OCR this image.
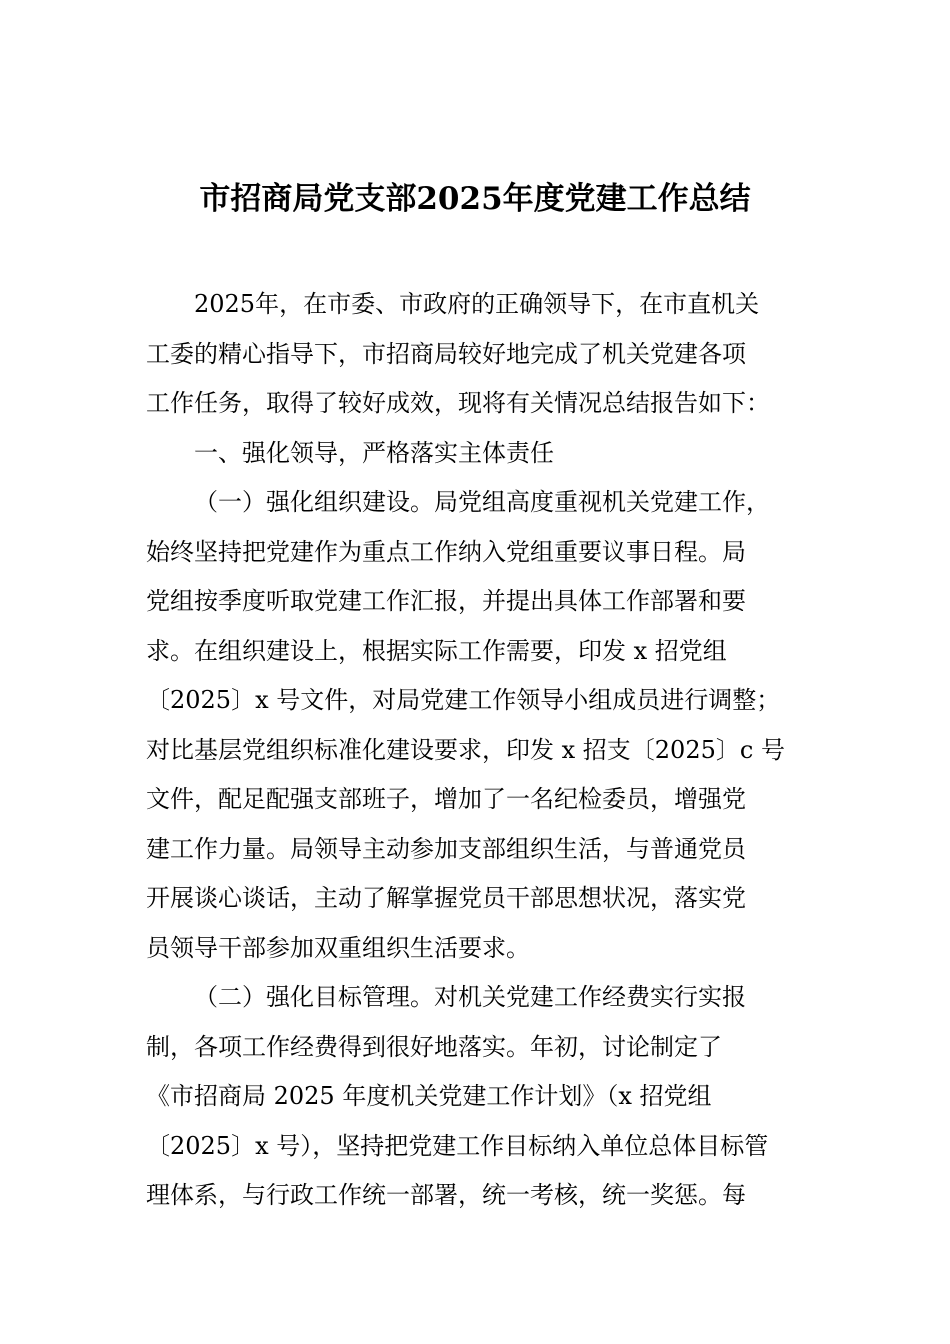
市招商局党支部2025年度党建工作总结
2025年，在市委、市政府的正确领导下，在市直机关
工委的精心指导下，市招商局较好地完成了机关党建各项
工作任务，取得了较好成效，现将有关情况总结报告如下：
一、强化领导，严格落实主体责任
（一）强化组织建设。局党组高度重视机关党建工作，
始终坚持把党建作为重点工作纳入党组重要议事日程。局
党组按季度听取党建工作汇报，并提出具体工作部署和要
求。在组织建设上，根据实际工作需要，印发 x 招党组
〔2025〕x 号文件，对局党建工作领导小组成员进行调整；
对比基层党组织标准化建设要求，印发 x 招支〔2025〕c 号
文件，配足配强支部班子，增加了一名纪检委员，增强党
建工作力量。局领导主动参加支部组织生活，与普通党员
开展谈心谈话，主动了解掌握党员干部思想状况，落实党
员领导干部参加双重组织生活要求。
（二）强化目标管理。对机关党建工作经费实行实报
制，各项工作经费得到很好地落实。年初，讨论制定了
《市招商局 2025 年度机关党建工作计划》（x 招党组
〔2025〕x 号），坚持把党建工作目标纳入单位总体目标管
理体系，与行政工作统一部署，统一考核，统一奖惩。每
